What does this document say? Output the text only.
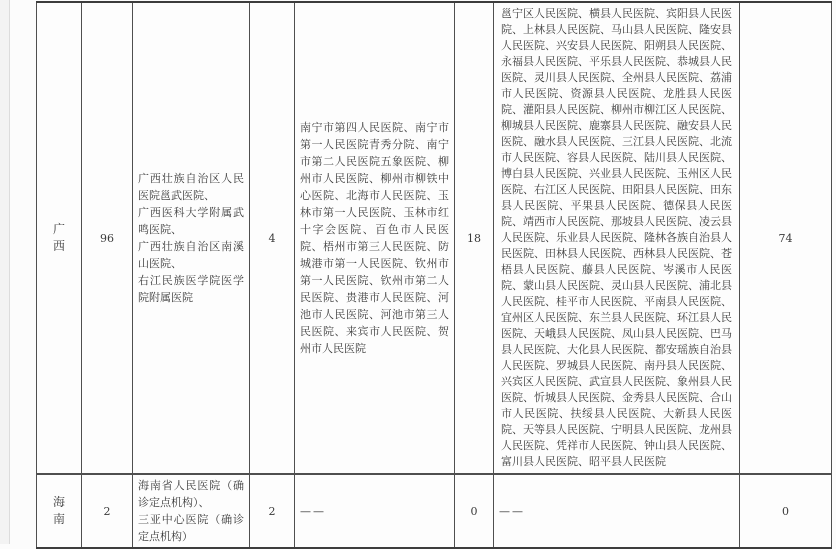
广　西	96	
广西壮族自治区人民医院邕武医院、
广西医科大学附属武鸣医院、
广西壮族自治区南溪山医院、
右江民族医学院医学院附属医院
	4	南宁市第四人民医院、南宁市第一人民医院青秀分院、南宁市第二人民医院五象医院、柳州市人民医院、柳州市柳铁中心医院、北海市人民医院、玉林市第一人民医院、玉林市红十字会医院、百色市人民医院、梧州市第三人民医院、防城港市第一人民医院、钦州市第一人民医院、钦州市第二人民医院、贵港市人民医院、河池市人民医院、河池市第三人民医院、来宾市人民医院、贺州市人民医院	18	邕宁区人民医院、横县人民医院、宾阳县人民医院、上林县人民医院、马山县人民医院、隆安县人民医院、兴安县人民医院、阳朔县人民医院、永福县人民医院、平乐县人民医院、恭城县人民医院、灵川县人民医院、全州县人民医院、荔浦市人民医院、资源县人民医院、龙胜县人民医院、灌阳县人民医院、柳州市柳江区人民医院、柳城县人民医院、鹿寨县人民医院、融安县人民医院、融水县人民医院、三江县人民医院、北流市人民医院、容县人民医院、陆川县人民医院、博白县人民医院、兴业县人民医院、玉州区人民医院、右江区人民医院、田阳县人民医院、田东县人民医院、平果县人民医院、德保县人民医院、靖西市人民医院、那坡县人民医院、凌云县人民医院、乐业县人民医院、隆林各族自治县人民医院、田林县人民医院、西林县人民医院、苍梧县人民医院、藤县人民医院、岑溪市人民医院、蒙山县人民医院、灵山县人民医院、浦北县人民医院、桂平市人民医院、平南县人民医院、宜州区人民医院、东兰县人民医院、环江县人民医院、天峨县人民医院、凤山县人民医院、巴马县人民医院、大化县人民医院、都安瑶族自治县人民医院、罗城县人民医院、南丹县人民医院、兴宾区人民医院、武宣县人民医院、象州县人民医院、忻城县人民医院、金秀县人民医院、合山市人民医院、扶绥县人民医院、大新县人民医院、天等县人民医院、宁明县人民医院、龙州县人民医院、凭祥市人民医院、钟山县人民医院、富川县人民医院、昭平县人民医院	74
海　南	2	海南省人民医院（确诊定点机构）、
三亚中心医院（确诊定点机构）	2	——	0	——	0
